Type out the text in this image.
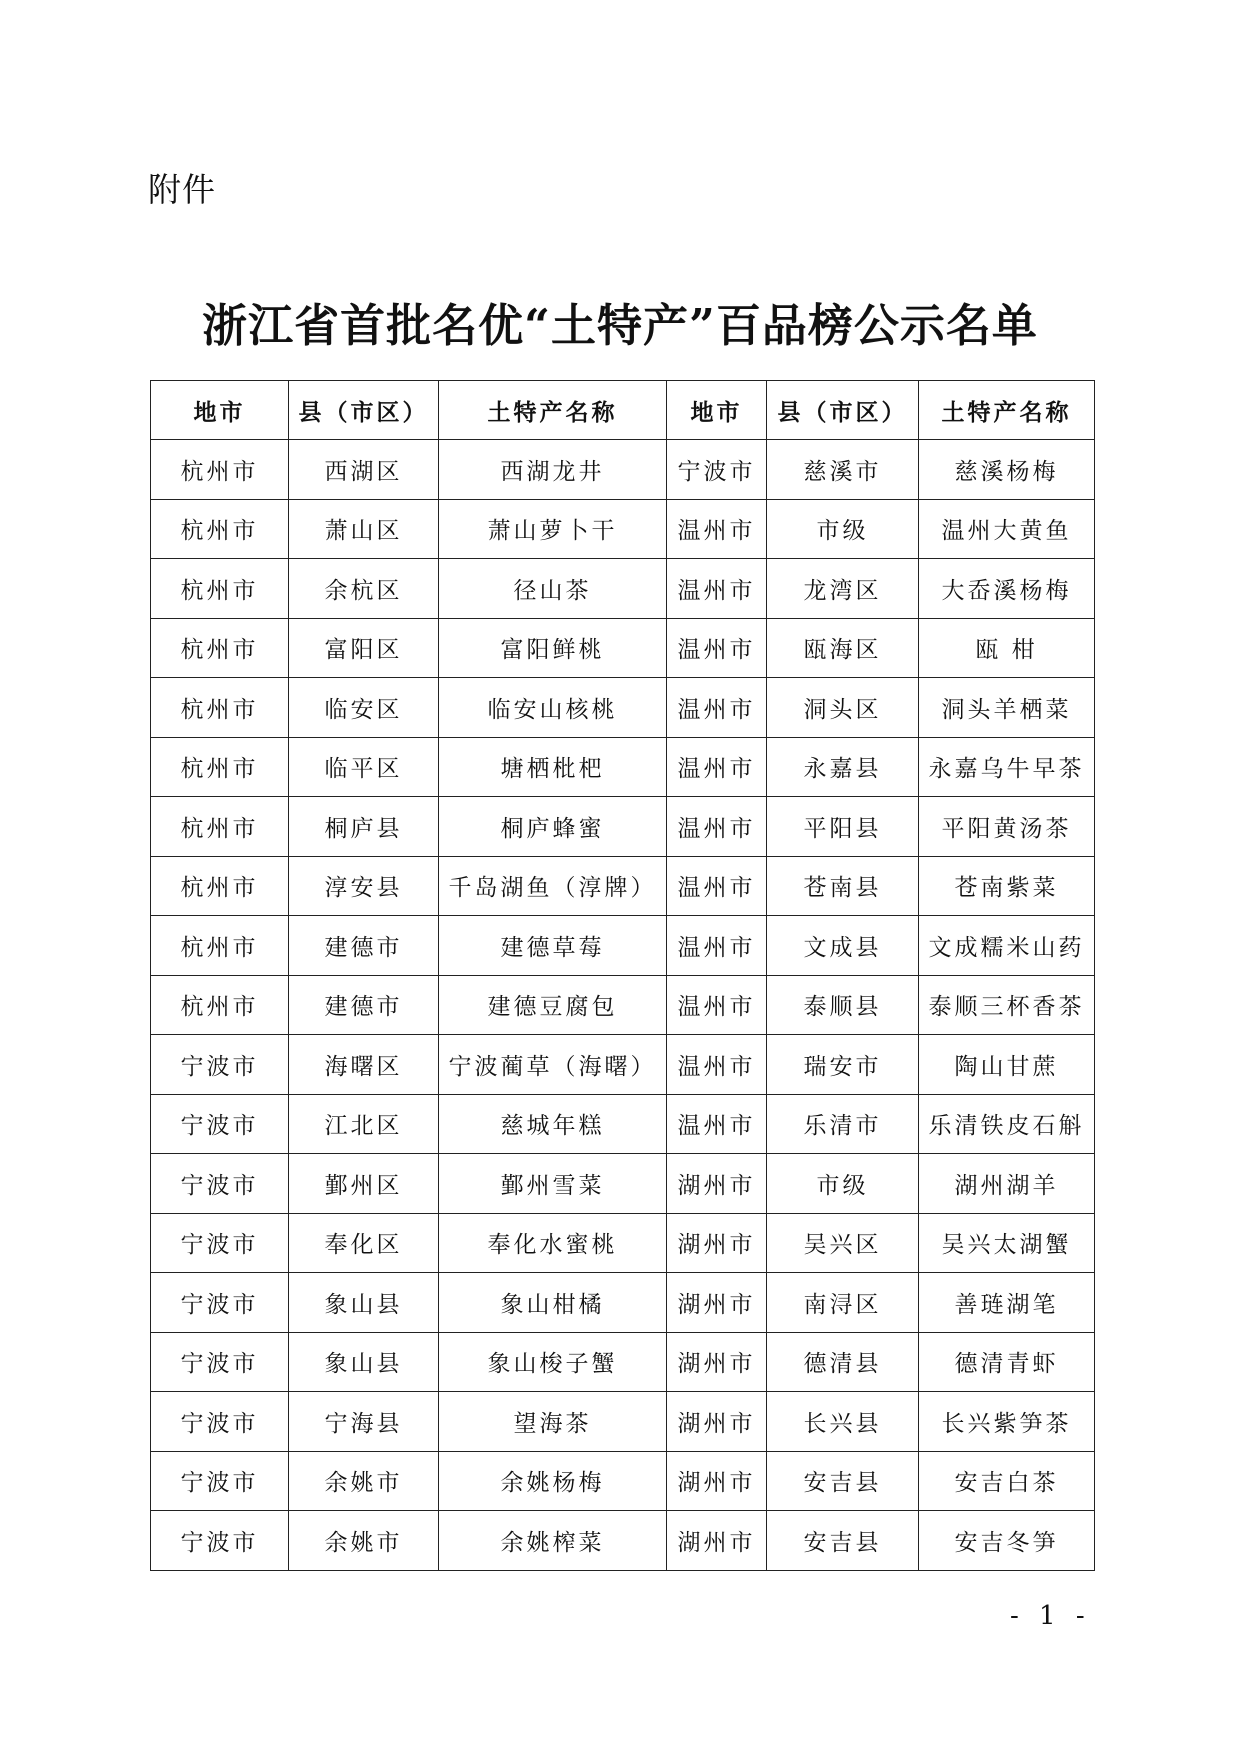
附件
浙江省首批名优“土特产”百品榜公示名单
地市	县（市区）	土特产名称	地市	县（市区）	土特产名称
杭州市	西湖区	西湖龙井	宁波市	慈溪市	慈溪杨梅
杭州市	萧山区	萧山萝卜干	温州市	市级	温州大黄鱼
杭州市	余杭区	径山茶	温州市	龙湾区	大岙溪杨梅
杭州市	富阳区	富阳鲜桃	温州市	瓯海区	瓯 柑
杭州市	临安区	临安山核桃	温州市	洞头区	洞头羊栖菜
杭州市	临平区	塘栖枇杷	温州市	永嘉县	永嘉乌牛早茶
杭州市	桐庐县	桐庐蜂蜜	温州市	平阳县	平阳黄汤茶
杭州市	淳安县	千岛湖鱼（淳牌）	温州市	苍南县	苍南紫菜
杭州市	建德市	建德草莓	温州市	文成县	文成糯米山药
杭州市	建德市	建德豆腐包	温州市	泰顺县	泰顺三杯香茶
宁波市	海曙区	宁波蔺草（海曙）	温州市	瑞安市	陶山甘蔗
宁波市	江北区	慈城年糕	温州市	乐清市	乐清铁皮石斛
宁波市	鄞州区	鄞州雪菜	湖州市	市级	湖州湖羊
宁波市	奉化区	奉化水蜜桃	湖州市	吴兴区	吴兴太湖蟹
宁波市	象山县	象山柑橘	湖州市	南浔区	善琏湖笔
宁波市	象山县	象山梭子蟹	湖州市	德清县	德清青虾
宁波市	宁海县	望海茶	湖州市	长兴县	长兴紫笋茶
宁波市	余姚市	余姚杨梅	湖州市	安吉县	安吉白茶
宁波市	余姚市	余姚榨菜	湖州市	安吉县	安吉冬笋
- 1 -
